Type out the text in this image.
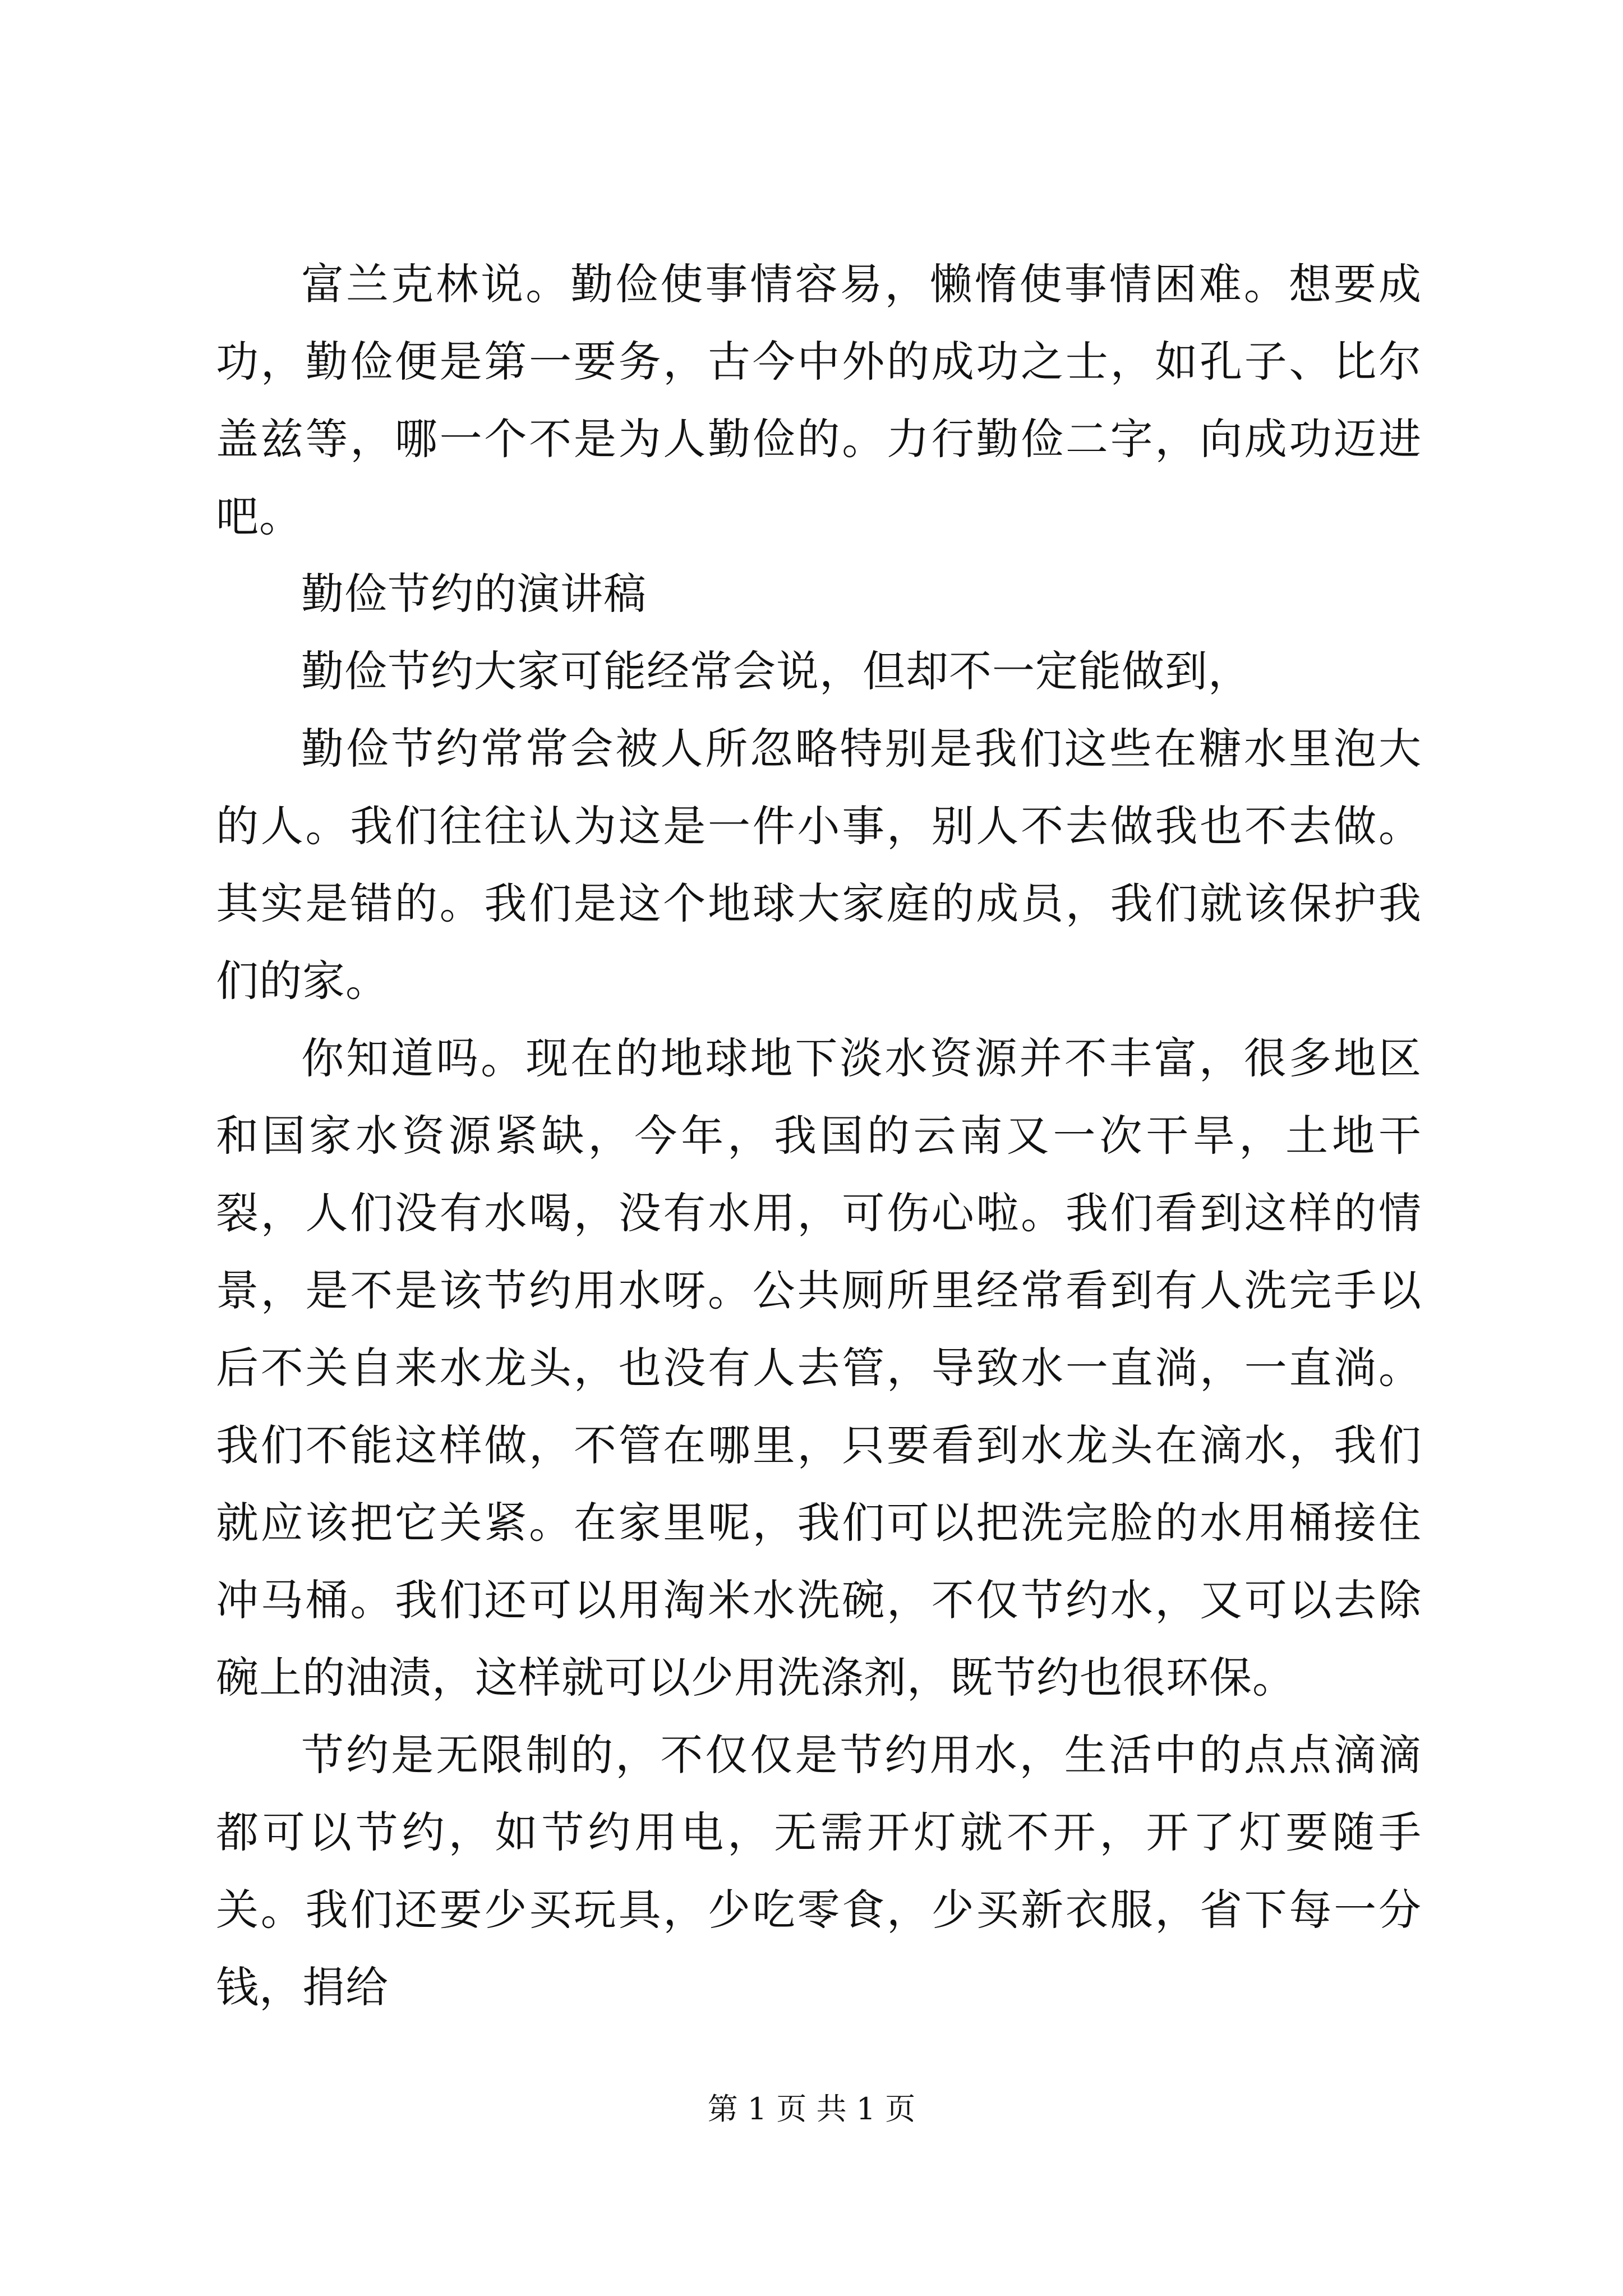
富兰克林说。勤俭使事情容易，懒惰使事情困难。想要成功，勤俭便是第一要务，古今中外的成功之士，如孔子、比尔盖兹等，哪一个不是为人勤俭的。力行勤俭二字，向成功迈进吧。

勤俭节约的演讲稿

勤俭节约大家可能经常会说，但却不一定能做到，

勤俭节约常常会被人所忽略特别是我们这些在糖水里泡大的人。我们往往认为这是一件小事，别人不去做我也不去做。其实是错的。我们是这个地球大家庭的成员，我们就该保护我们的家。

你知道吗。现在的地球地下淡水资源并不丰富，很多地区和国家水资源紧缺，今年，我国的云南又一次干旱，土地干裂，人们没有水喝，没有水用，可伤心啦。我们看到这样的情景，是不是该节约用水呀。公共厕所里经常看到有人洗完手以后不关自来水龙头，也没有人去管，导致水一直淌，一直淌。我们不能这样做，不管在哪里，只要看到水龙头在滴水，我们就应该把它关紧。在家里呢，我们可以把洗完脸的水用桶接住冲马桶。我们还可以用淘米水洗碗，不仅节约水，又可以去除碗上的油渍，这样就可以少用洗涤剂，既节约也很环保。

节约是无限制的，不仅仅是节约用水，生活中的点点滴滴都可以节约，如节约用电，无需开灯就不开，开了灯要随手关。我们还要少买玩具，少吃零食，少买新衣服，省下每一分钱，捐给

第 1 页 共 1 页
